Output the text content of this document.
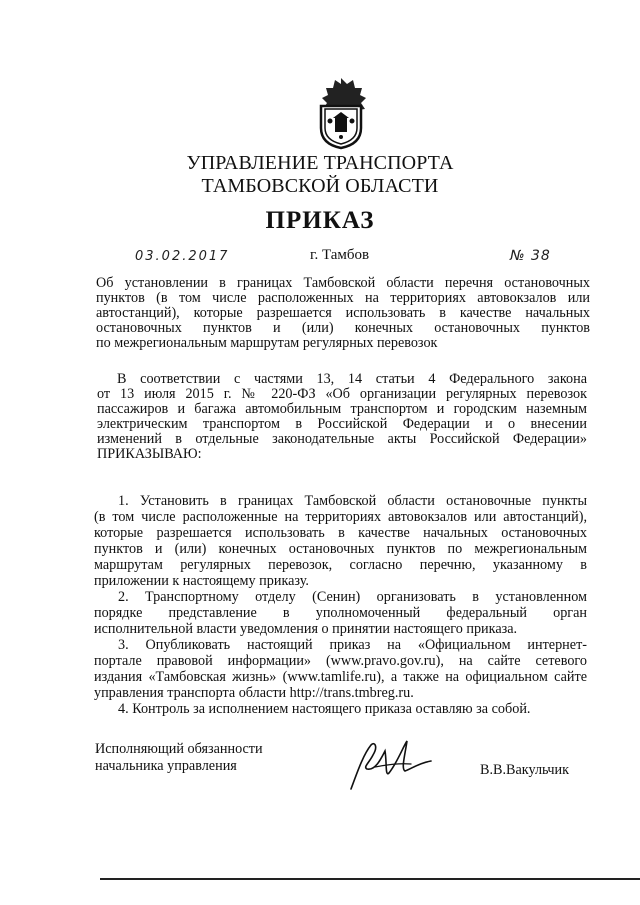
УПРАВЛЕНИЕ ТРАНСПОРТА
ТАМБОВСКОЙ ОБЛАСТИ
ПРИКАЗ
03.02.2017	г. Тамбов	№ 38
Об установлении в границах Тамбовской области перечня остановочных
пунктов (в том числе расположенных на территориях автовокзалов или
автостанций), которые разрешается использовать в качестве начальных
остановочных пунктов и (или) конечных остановочных пунктов
по межрегиональным маршрутам регулярных перевозок
В соответствии с частями 13, 14 статьи 4 Федерального закона
от 13 июля 2015 г. № 220-ФЗ «Об организации регулярных перевозок
пассажиров и багажа автомобильным транспортом и городским наземным
электрическим транспортом в Российской Федерации и о внесении
изменений в отдельные законодательные акты Российской Федерации»
ПРИКАЗЫВАЮ:
1. Установить в границах Тамбовской области остановочные пункты
(в том числе расположенные на территориях автовокзалов или автостанций),
которые разрешается использовать в качестве начальных остановочных
пунктов и (или) конечных остановочных пунктов по межрегиональным
маршрутам регулярных перевозок, согласно перечню, указанному в
приложении к настоящему приказу.
2. Транспортному отделу (Сенин) организовать в установленном
порядке представление в уполномоченный федеральный орган
исполнительной власти уведомления о принятии настоящего приказа.
3. Опубликовать настоящий приказ на «Официальном интернет-
портале правовой информации» (www.pravo.gov.ru), на сайте сетевого
издания «Тамбовская жизнь» (www.tamlife.ru), а также на официальном сайте
управления транспорта области http://trans.tmbreg.ru.
4. Контроль за исполнением настоящего приказа оставляю за собой.
Исполняющий обязанности
начальника управления	В.В.Вакульчик
